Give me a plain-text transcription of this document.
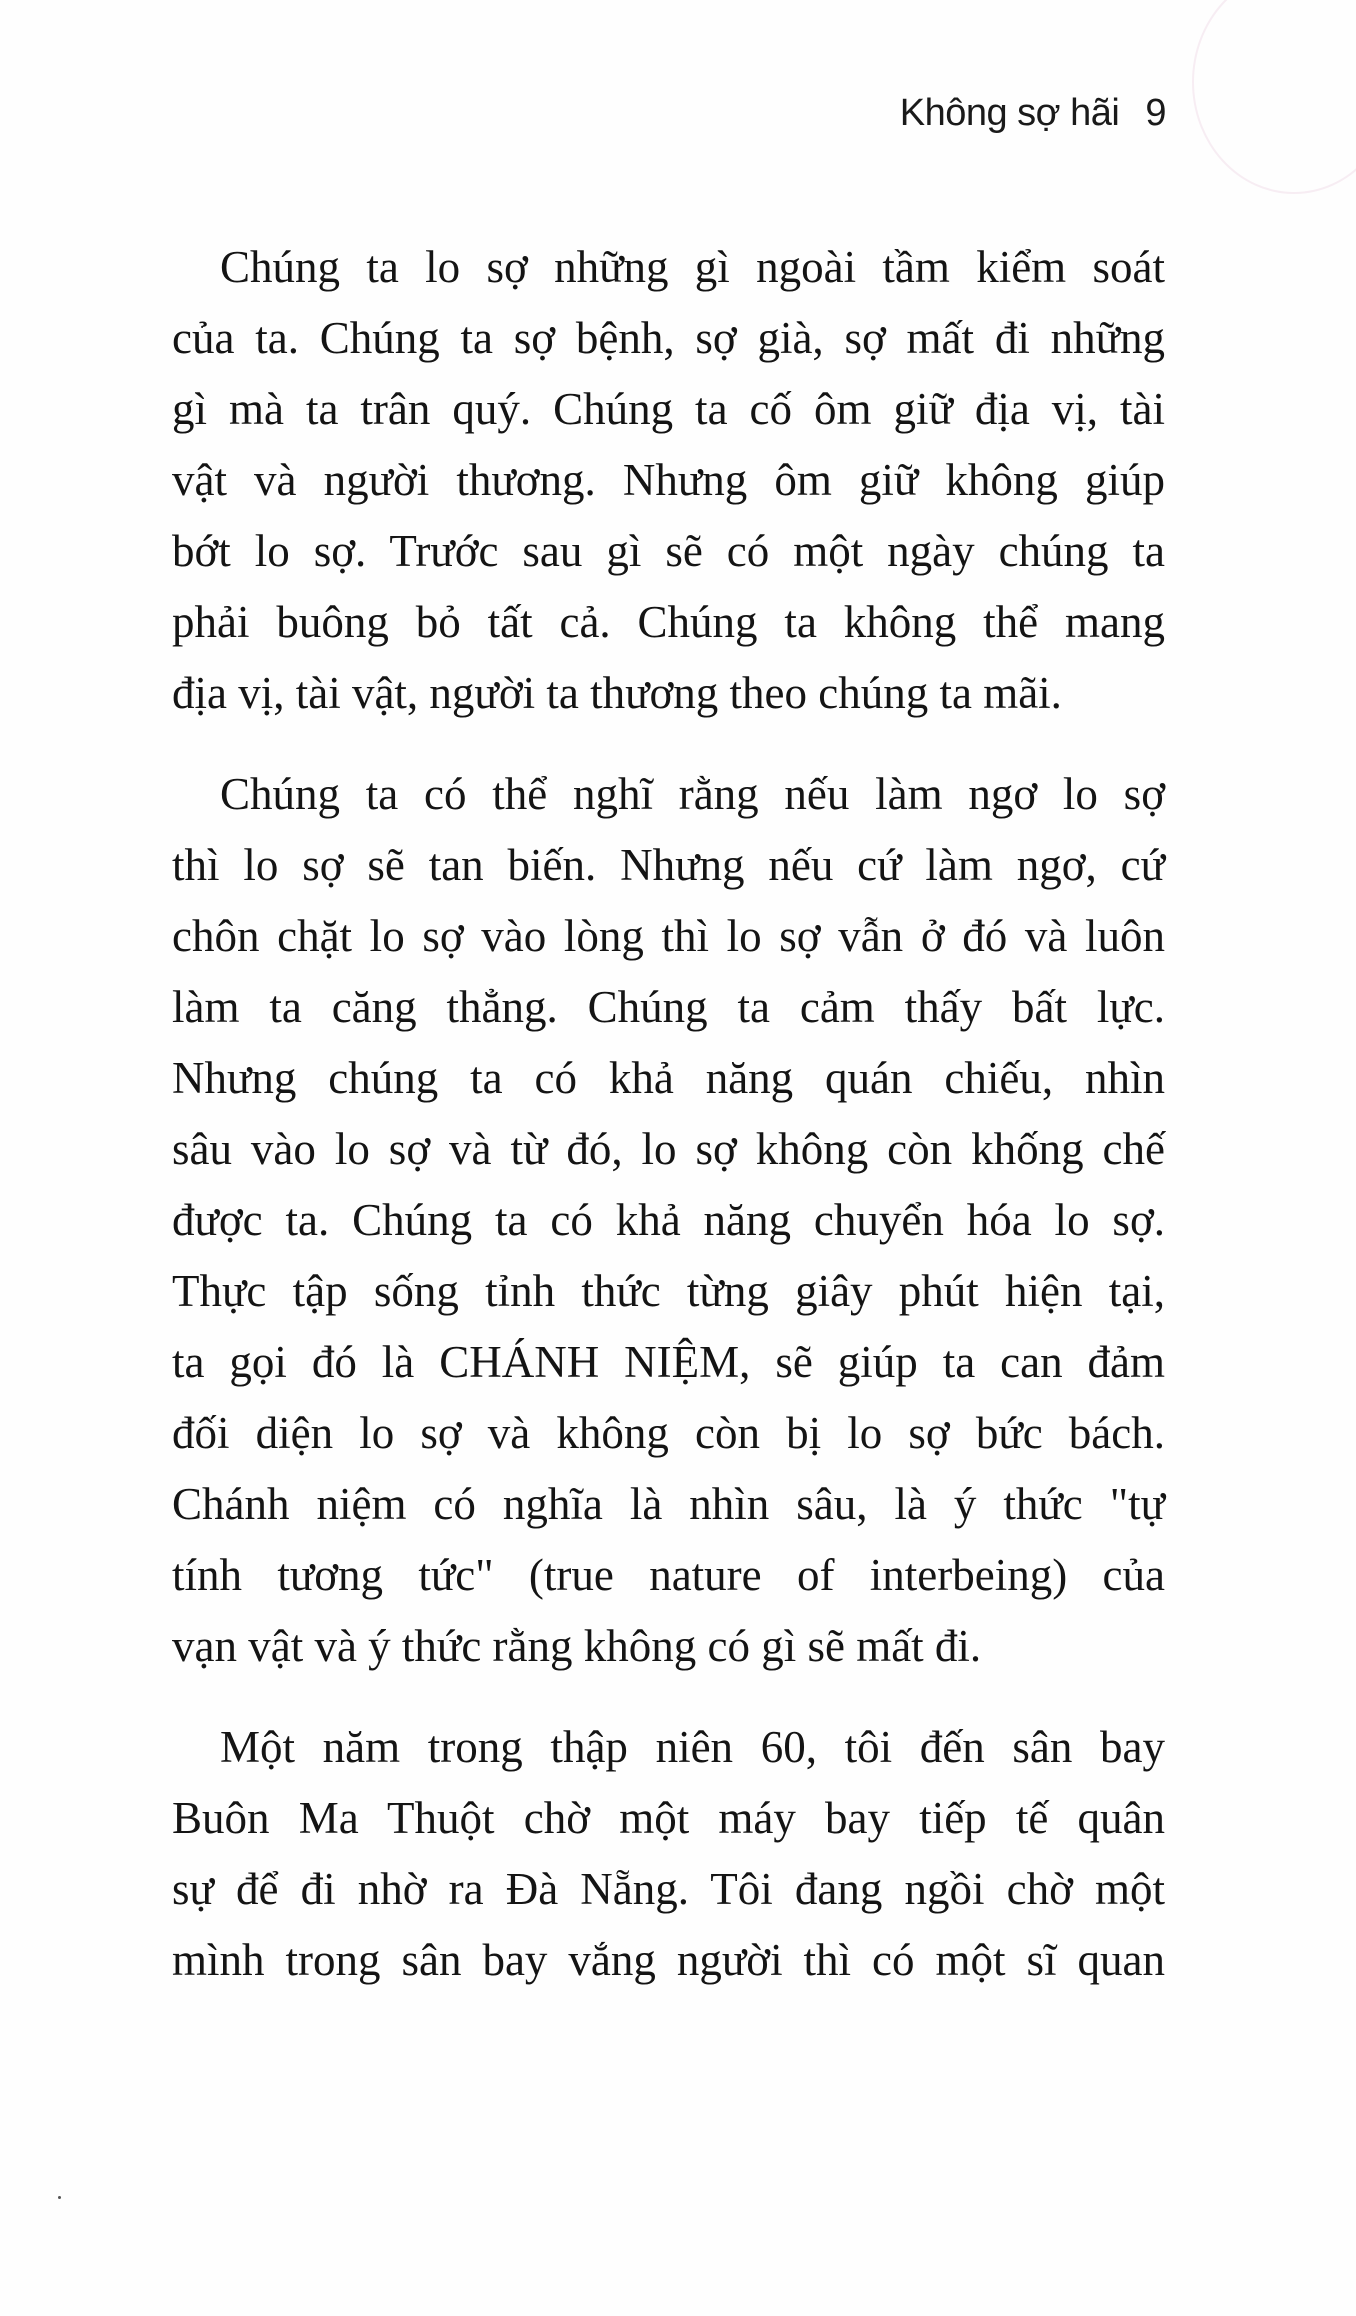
Không sợ hãi 9
Chúng ta lo sợ những gì ngoài tầm kiểm soát
của ta. Chúng ta sợ bệnh, sợ già, sợ mất đi những
gì mà ta trân quý. Chúng ta cố ôm giữ địa vị, tài
vật và người thương. Nhưng ôm giữ không giúp
bớt lo sợ. Trước sau gì sẽ có một ngày chúng ta
phải buông bỏ tất cả. Chúng ta không thể mang
địa vị, tài vật, người ta thương theo chúng ta mãi.
Chúng ta có thể nghĩ rằng nếu làm ngơ lo sợ
thì lo sợ sẽ tan biến. Nhưng nếu cứ làm ngơ, cứ
chôn chặt lo sợ vào lòng thì lo sợ vẫn ở đó và luôn
làm ta căng thẳng. Chúng ta cảm thấy bất lực.
Nhưng chúng ta có khả năng quán chiếu, nhìn
sâu vào lo sợ và từ đó, lo sợ không còn khống chế
được ta. Chúng ta có khả năng chuyển hóa lo sợ.
Thực tập sống tỉnh thức từng giây phút hiện tại,
ta gọi đó là CHÁNH NIỆM, sẽ giúp ta can đảm
đối diện lo sợ và không còn bị lo sợ bức bách.
Chánh niệm có nghĩa là nhìn sâu, là ý thức "tự
tính tương tức" (true nature of interbeing) của
vạn vật và ý thức rằng không có gì sẽ mất đi.
Một năm trong thập niên 60, tôi đến sân bay
Buôn Ma Thuột chờ một máy bay tiếp tế quân
sự để đi nhờ ra Đà Nẵng. Tôi đang ngồi chờ một
mình trong sân bay vắng người thì có một sĩ quan
